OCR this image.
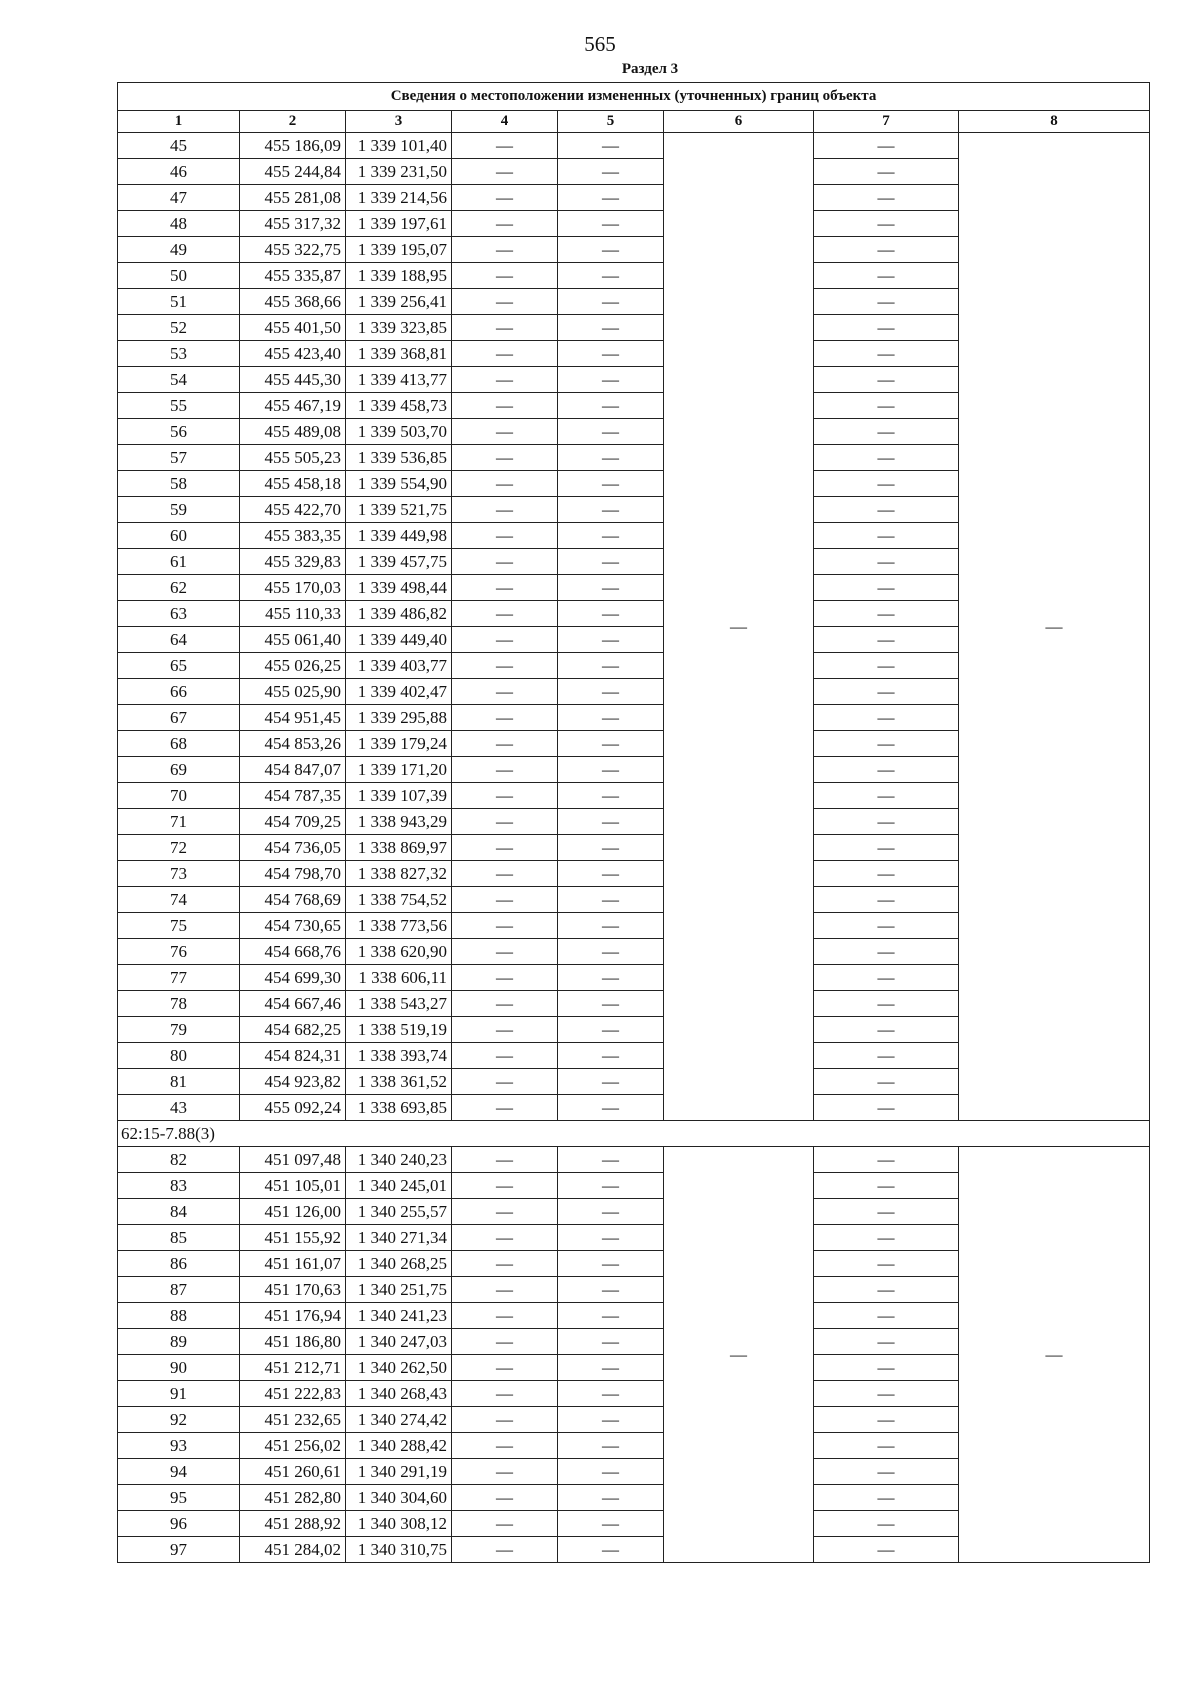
565
Раздел 3
Сведения о местоположении измененных (уточненных) границ объекта							
1	2	3	4	5	6	7	8
45	455 186,09	1 339 101,40	—	—	—	—	—
46	455 244,84	1 339 231,50	—	—		—	
47	455 281,08	1 339 214,56	—	—		—	
48	455 317,32	1 339 197,61	—	—		—	
49	455 322,75	1 339 195,07	—	—		—	
50	455 335,87	1 339 188,95	—	—		—	
51	455 368,66	1 339 256,41	—	—		—	
52	455 401,50	1 339 323,85	—	—		—	
53	455 423,40	1 339 368,81	—	—		—	
54	455 445,30	1 339 413,77	—	—		—	
55	455 467,19	1 339 458,73	—	—		—	
56	455 489,08	1 339 503,70	—	—		—	
57	455 505,23	1 339 536,85	—	—		—	
58	455 458,18	1 339 554,90	—	—		—	
59	455 422,70	1 339 521,75	—	—		—	
60	455 383,35	1 339 449,98	—	—		—	
61	455 329,83	1 339 457,75	—	—		—	
62	455 170,03	1 339 498,44	—	—		—	
63	455 110,33	1 339 486,82	—	—		—	
64	455 061,40	1 339 449,40	—	—		—	
65	455 026,25	1 339 403,77	—	—		—	
66	455 025,90	1 339 402,47	—	—		—	
67	454 951,45	1 339 295,88	—	—		—	
68	454 853,26	1 339 179,24	—	—		—	
69	454 847,07	1 339 171,20	—	—		—	
70	454 787,35	1 339 107,39	—	—		—	
71	454 709,25	1 338 943,29	—	—		—	
72	454 736,05	1 338 869,97	—	—		—	
73	454 798,70	1 338 827,32	—	—		—	
74	454 768,69	1 338 754,52	—	—		—	
75	454 730,65	1 338 773,56	—	—		—	
76	454 668,76	1 338 620,90	—	—		—	
77	454 699,30	1 338 606,11	—	—		—	
78	454 667,46	1 338 543,27	—	—		—	
79	454 682,25	1 338 519,19	—	—		—	
80	454 824,31	1 338 393,74	—	—		—	
81	454 923,82	1 338 361,52	—	—		—	
43	455 092,24	1 338 693,85	—	—		—	
62:15-7.88(3)							
82	451 097,48	1 340 240,23	—	—	—	—	—
83	451 105,01	1 340 245,01	—	—		—	
84	451 126,00	1 340 255,57	—	—		—	
85	451 155,92	1 340 271,34	—	—		—	
86	451 161,07	1 340 268,25	—	—		—	
87	451 170,63	1 340 251,75	—	—		—	
88	451 176,94	1 340 241,23	—	—		—	
89	451 186,80	1 340 247,03	—	—		—	
90	451 212,71	1 340 262,50	—	—		—	
91	451 222,83	1 340 268,43	—	—		—	
92	451 232,65	1 340 274,42	—	—		—	
93	451 256,02	1 340 288,42	—	—		—	
94	451 260,61	1 340 291,19	—	—		—	
95	451 282,80	1 340 304,60	—	—		—	
96	451 288,92	1 340 308,12	—	—		—	
97	451 284,02	1 340 310,75	—	—		—	
